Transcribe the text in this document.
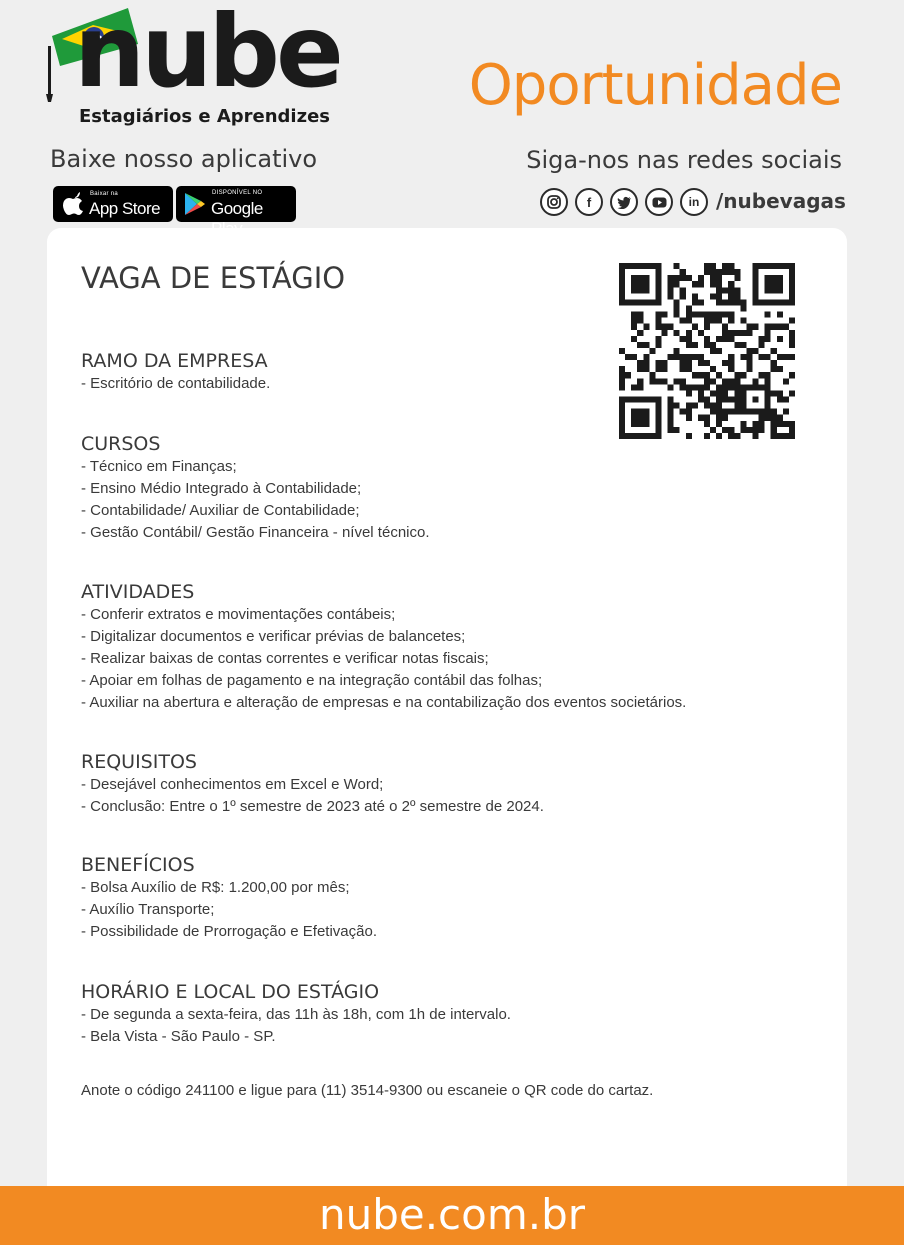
nube
Estagiários e Aprendizes Oportunidade
Baixe nosso aplicativo	Siga-nos nas redes sociais
Baixar na
App Store
DISPONÍVEL NO
Google	f	in /nubevagas
VAGA DE ESTÁGIO
RAMO DA EMPRESA
- Escritório de contabilidade.
CURSOS
- Técnico em Finanças;
- Ensino Médio Integrado à Contabilidade;
- Contabilidade/ Auxiliar de Contabilidade;
- Gestão Contábil/ Gestão Financeira - nível técnico.
ATIVIDADES
- Conferir extratos e movimentações contábeis;
- Digitalizar documentos e verificar prévias de balancetes;
- Realizar baixas de contas correntes e verificar notas fiscais;
- Apoiar em folhas de pagamento e na integração contábil das folhas;
- Auxiliar na abertura e alteração de empresas e na contabilização dos eventos societários.
REQUISITOS
- Desejável conhecimentos em Excel e Word;
- Conclusão: Entre o 1º semestre de 2023 até o 2º semestre de 2024.
BENEFÍCIOS
- Bolsa Auxílio de R$: 1.200,00 por mês;
- Auxílio Transporte;
- Possibilidade de Prorrogação e Efetivação.
HORÁRIO E LOCAL DO ESTÁGIO
- De segunda a sexta-feira, das 11h às 18h, com 1h de intervalo.
- Bela Vista - São Paulo - SP.
Anote o código 241100 e ligue para (11) 3514-9300 ou escaneie o QR code do cartaz.
nube.com.br
